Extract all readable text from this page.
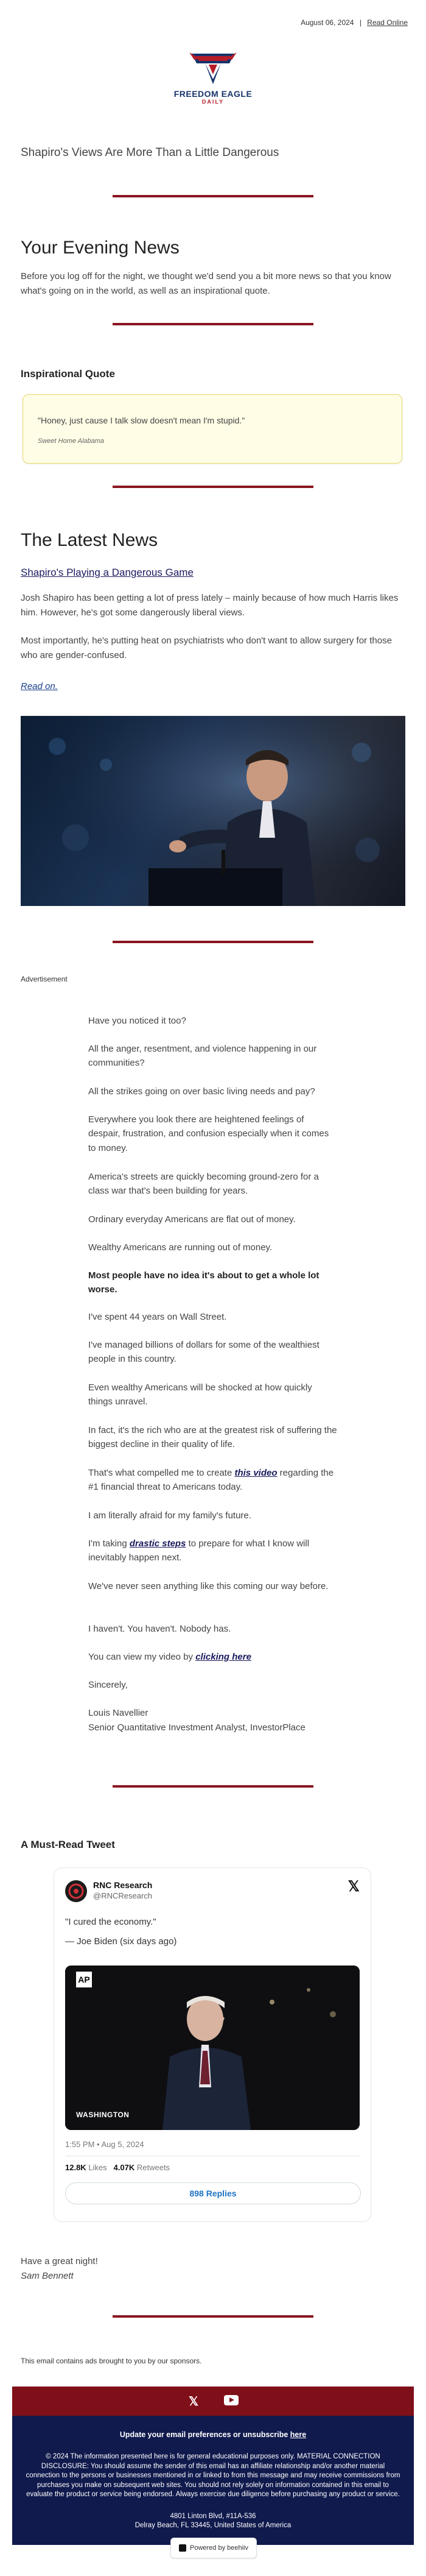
August 06, 2024 | Read Online
FREEDOM EAGLE
DAILY
Shapiro's Views Are More Than a Little Dangerous
Your Evening News
Before you log off for the night, we thought we'd send you a bit more news so that you know what's going on in the world, as well as an inspirational quote.
Inspirational Quote
"Honey, just cause I talk slow doesn't mean I'm stupid."
Sweet Home Alabama
The Latest News
Shapiro's Playing a Dangerous Game
Josh Shapiro has been getting a lot of press lately – mainly because of how much Harris likes him. However, he's got some dangerously liberal views.
Most importantly, he's putting heat on psychiatrists who don't want to allow surgery for those who are gender-confused.
Read on.
Advertisement
Have you noticed it too?
All the anger, resentment, and violence happening in our communities?
All the strikes going on over basic living needs and pay?
Everywhere you look there are heightened feelings of despair, frustration, and confusion especially when it comes to money.
America's streets are quickly becoming ground-zero for a class war that's been building for years.
Ordinary everyday Americans are flat out of money.
Wealthy Americans are running out of money.
Most people have no idea it's about to get a whole lot worse.
I've spent 44 years on Wall Street.
I've managed billions of dollars for some of the wealthiest people in this country.
Even wealthy Americans will be shocked at how quickly things unravel.
In fact, it's the rich who are at the greatest risk of suffering the biggest decline in their quality of life.
That's what compelled me to create this video regarding the #1 financial threat to Americans today.
I am literally afraid for my family's future.
I'm taking drastic steps to prepare for what I know will inevitably happen next.
We've never seen anything like this coming our way before.
I haven't. You haven't. Nobody has.
You can view my video by clicking here
Sincerely,
Louis Navellier
Senior Quantitative Investment Analyst, InvestorPlace
A Must-Read Tweet
RNC Research
@RNCResearch
𝕏
"I cured the economy."
— Joe Biden (six days ago)
AP
WASHINGTON
1:55 PM • Aug 5, 2024
12.8K Likes 4.07K Retweets
898 Replies
Have a great night!
Sam Bennett
This email contains ads brought to you by our sponsors.
𝕏
Update your email preferences or unsubscribe here
© 2024 The information presented here is for general educational purposes only. MATERIAL CONNECTION DISCLOSURE: You should assume the sender of this email has an affiliate relationship and/or another material connection to the persons or businesses mentioned in or linked to from this message and may receive commissions from purchases you make on subsequent web sites. You should not rely solely on information contained in this email to evaluate the product or service being endorsed. Always exercise due diligence before purchasing any product or service.
4801 Linton Blvd, #11A-536
Delray Beach, FL 33445, United States of America
Powered by beehiiv
